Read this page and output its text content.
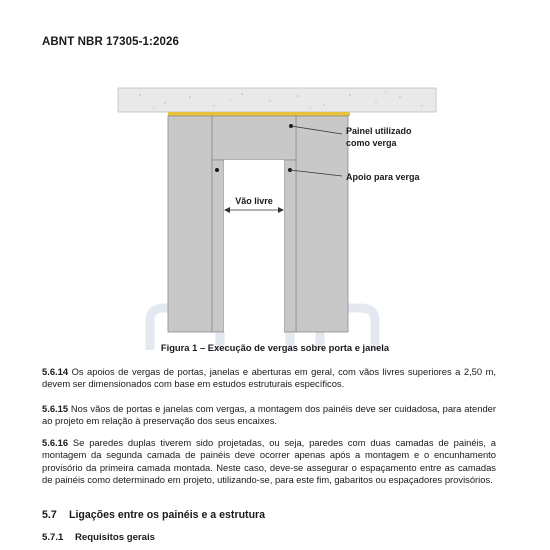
ABNT NBR 17305-1:2026
Painel utilizado
como verga
Apoio para verga
Vão livre
Figura 1 – Execução de vergas sobre porta e janela

5.6.14 Os apoios de vergas de portas, janelas e aberturas em geral, com vãos livres superiores a 2,50 m, devem ser dimensionados com base em estudos estruturais específicos.

5.6.15 Nos vãos de portas e janelas com vergas, a montagem dos painéis deve ser cuidadosa, para atender ao projeto em relação à preservação dos seus encaixes.

5.6.16 Se paredes duplas tiverem sido projetadas, ou seja, paredes com duas camadas de painéis, a montagem da segunda camada de painéis deve ocorrer apenas após a montagem e o encunhamento provisório da primeira camada montada. Neste caso, deve-se assegurar o espaçamento entre as camadas de painéis como determinado em projeto, utilizando-se, para este fim, gabaritos ou espaçadores provisórios.

5.7 Ligações entre os painéis e a estrutura
5.7.1 Requisitos gerais
